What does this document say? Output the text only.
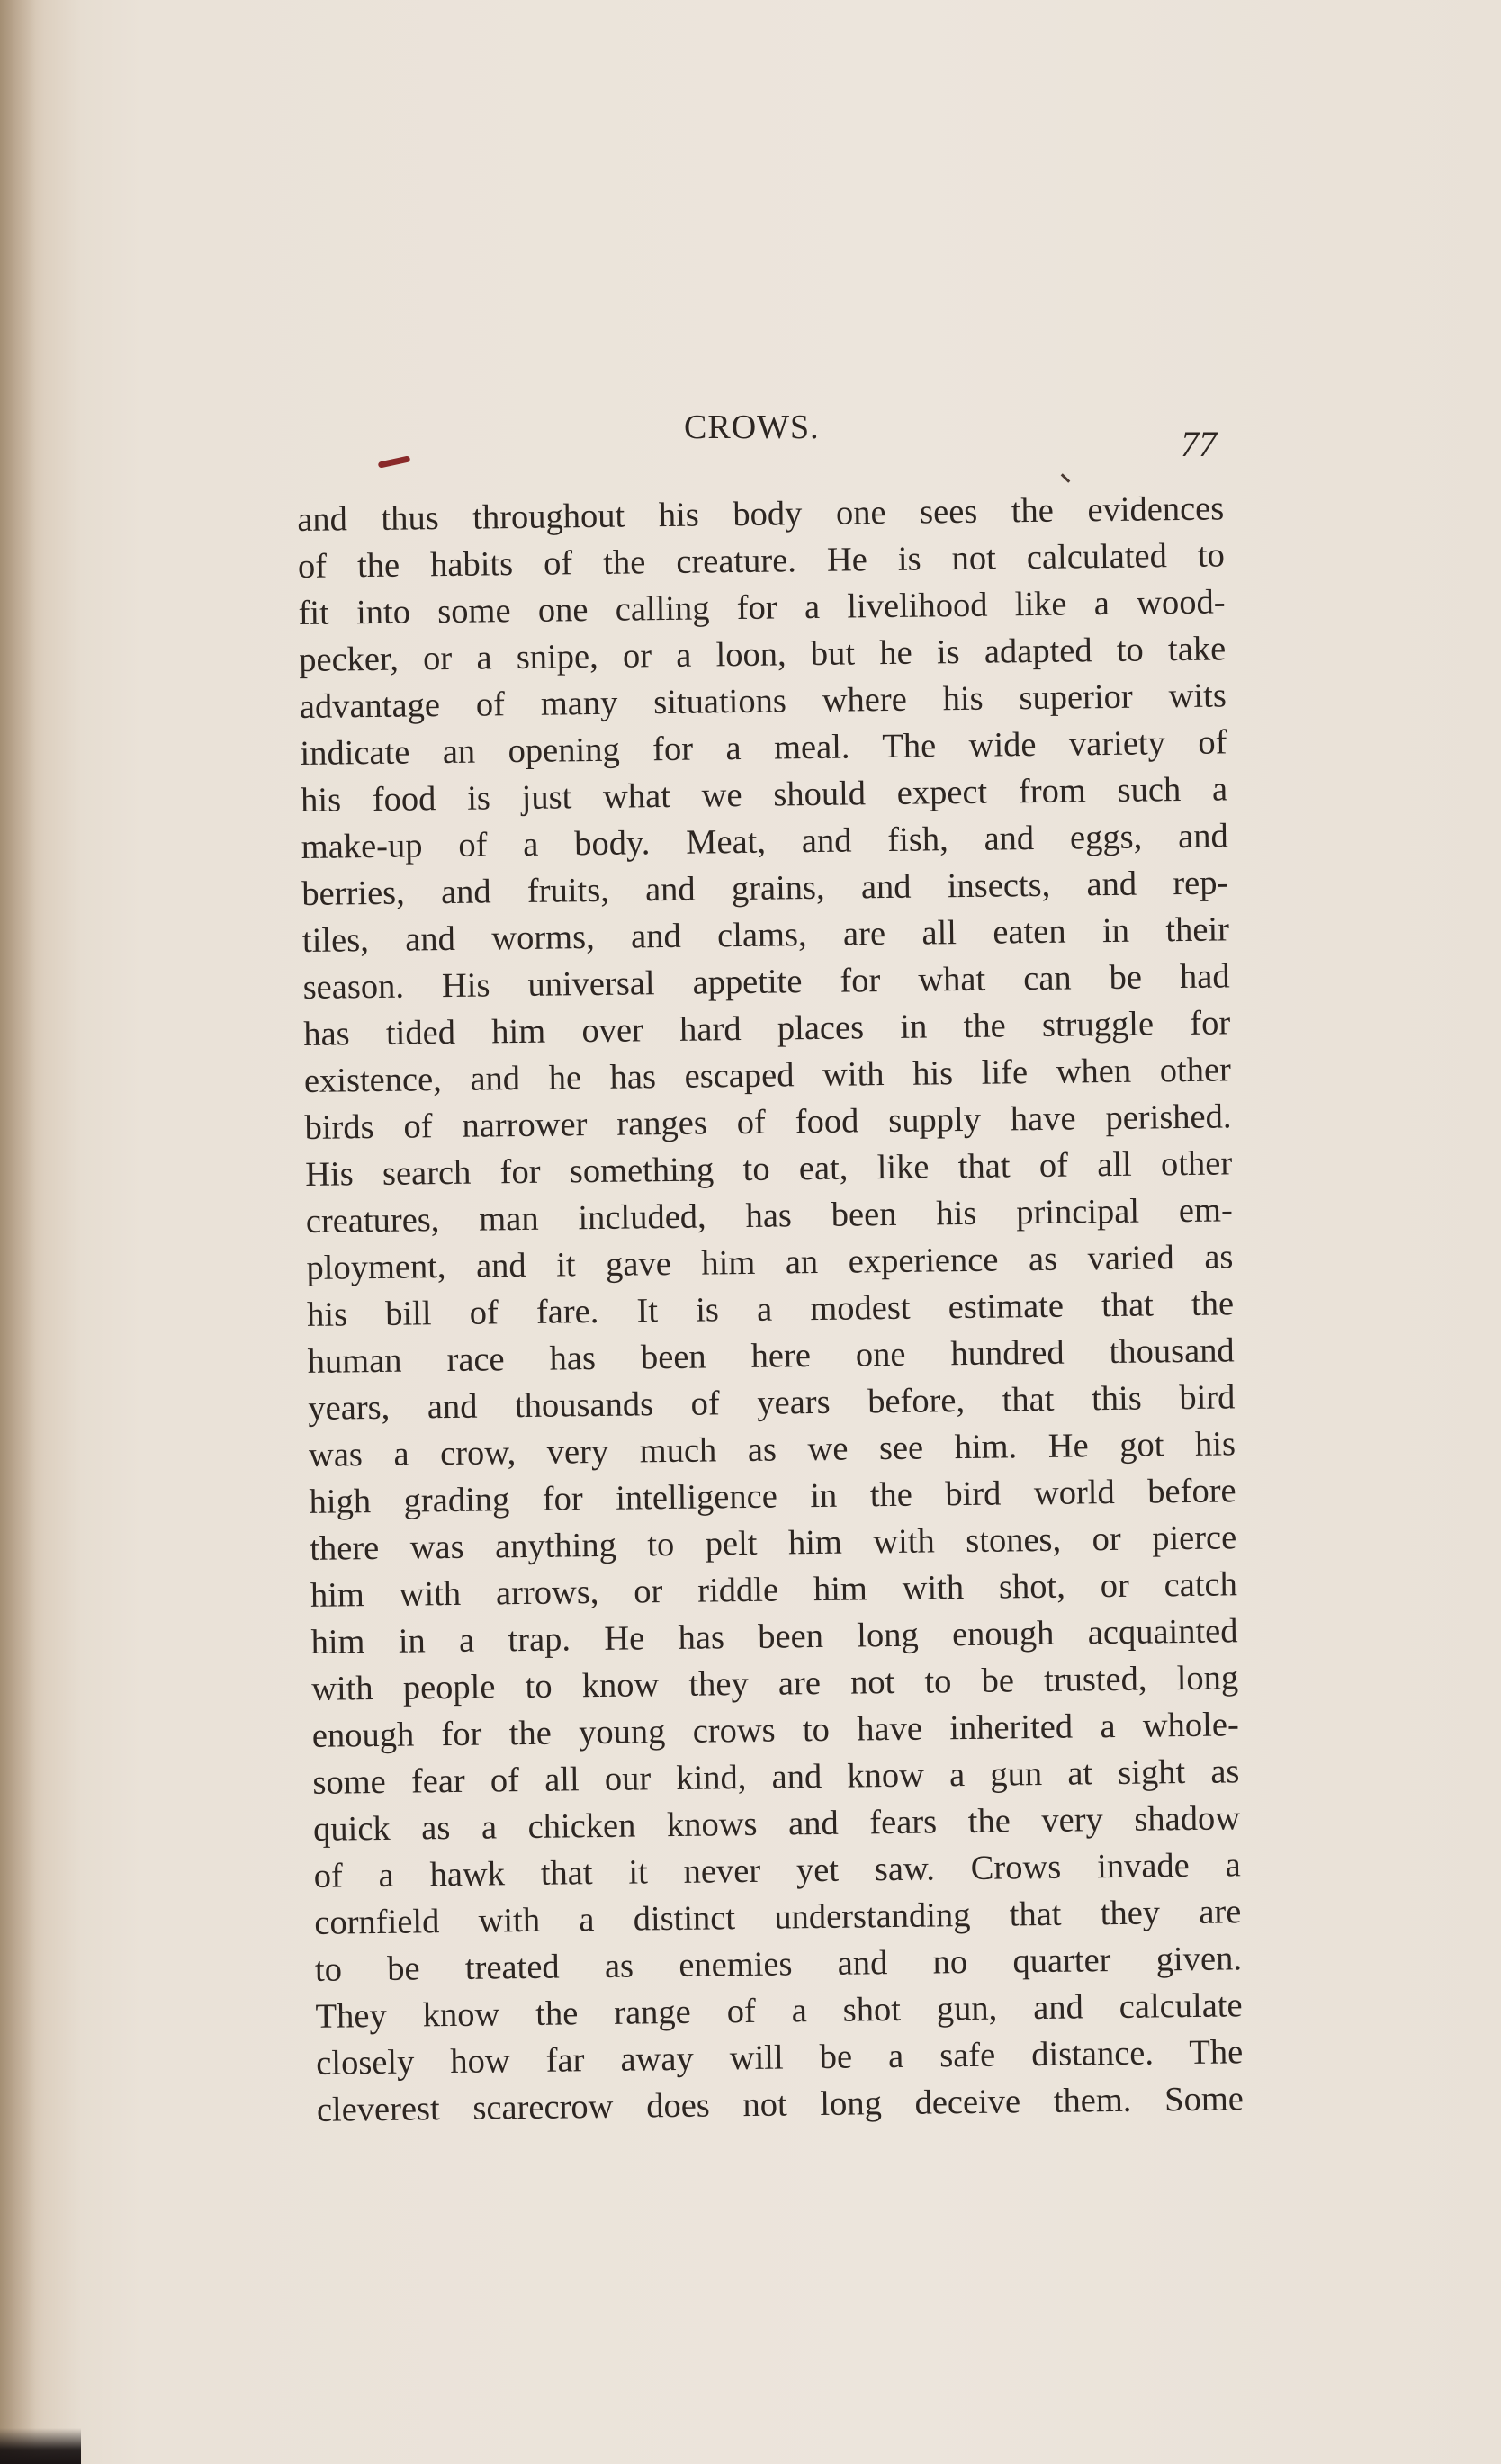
CROWS.	77
and thus throughout his body one sees the evidences
of the habits of the creature. He is not calculated to
fit into some one calling for a livelihood like a wood-
pecker, or a snipe, or a loon, but he is adapted to take
advantage of many situations where his superior wits
indicate an opening for a meal. The wide variety of
his food is just what we should expect from such a
make-up of a body. Meat, and fish, and eggs, and
berries, and fruits, and grains, and insects, and rep-
tiles, and worms, and clams, are all eaten in their
season. His universal appetite for what can be had
has tided him over hard places in the struggle for
existence, and he has escaped with his life when other
birds of narrower ranges of food supply have perished.
His search for something to eat, like that of all other
creatures, man included, has been his principal em-
ployment, and it gave him an experience as varied as
his bill of fare. It is a modest estimate that the
human race has been here one hundred thousand
years, and thousands of years before, that this bird
was a crow, very much as we see him. He got his
high grading for intelligence in the bird world before
there was anything to pelt him with stones, or pierce
him with arrows, or riddle him with shot, or catch
him in a trap. He has been long enough acquainted
with people to know they are not to be trusted, long
enough for the young crows to have inherited a whole-
some fear of all our kind, and know a gun at sight as
quick as a chicken knows and fears the very shadow
of a hawk that it never yet saw. Crows invade a
cornfield with a distinct understanding that they are
to be treated as enemies and no quarter given.
They know the range of a shot gun, and calculate
closely how far away will be a safe distance. The
cleverest scarecrow does not long deceive them. Some
